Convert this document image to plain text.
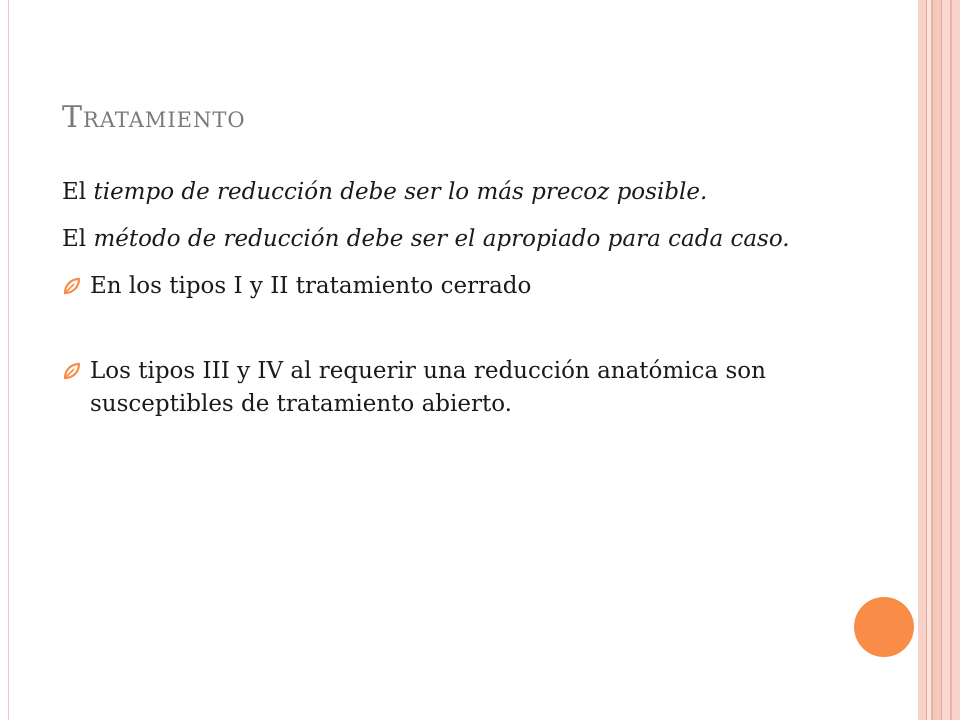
Tratamiento

El tiempo de reducción debe ser lo más precoz posible.

El método de reducción debe ser el apropiado para cada caso.

En los tipos I y II tratamiento cerrado
Los tipos III y IV al requerir una reducción anatómica son susceptibles de tratamiento abierto.
